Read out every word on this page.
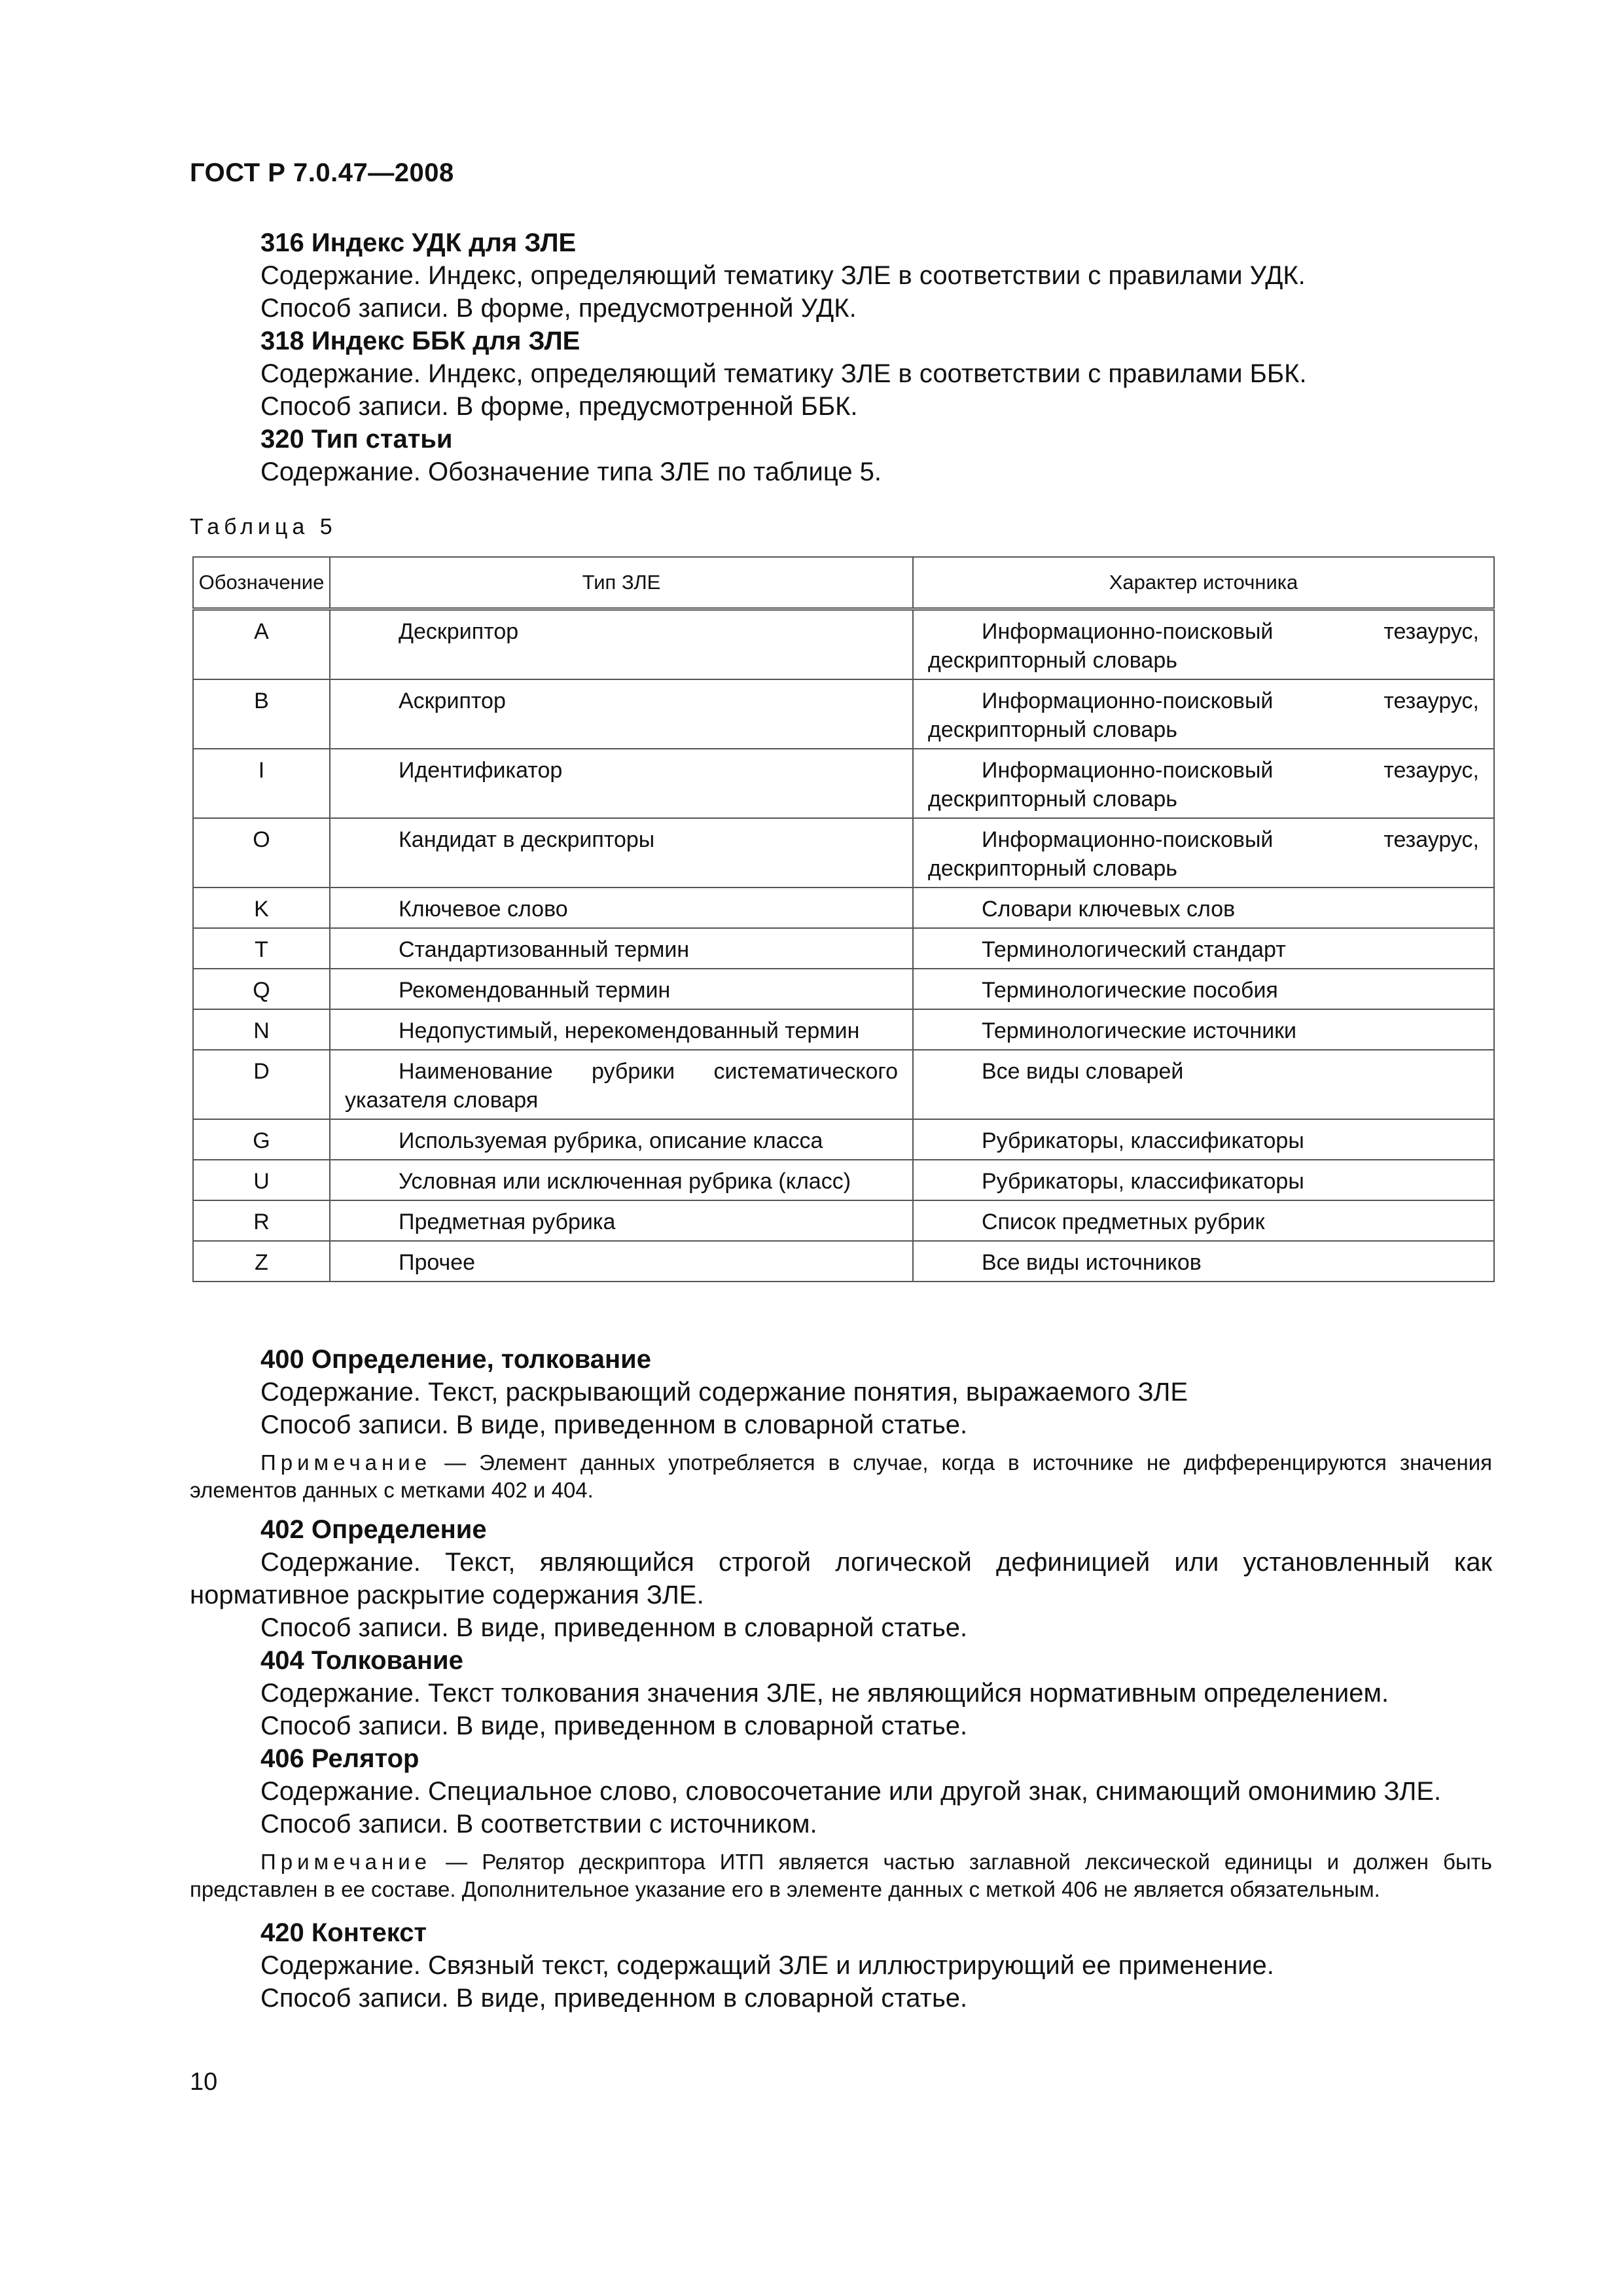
ГОСТ Р 7.0.47—2008
316 Индекс УДК для ЗЛЕ
Содержание. Индекс, определяющий тематику ЗЛЕ в соответствии с правилами УДК.
Способ записи. В форме, предусмотренной УДК.
318 Индекс ББК для ЗЛЕ
Содержание. Индекс, определяющий тематику ЗЛЕ в соответствии с правилами ББК.
Способ записи. В форме, предусмотренной ББК.
320 Тип статьи
Содержание. Обозначение типа ЗЛЕ по таблице 5.
Таблица 5
Обозначение	Тип ЗЛЕ	Характер источника
A	Дескриптор	Информационно-поисковый тезаурус, дескрипторный словарь
B	Аскриптор	Информационно-поисковый тезаурус, дескрипторный словарь
I	Идентификатор	Информационно-поисковый тезаурус, дескрипторный словарь
O	Кандидат в дескрипторы	Информационно-поисковый тезаурус, дескрипторный словарь
K	Ключевое слово	Словари ключевых слов
T	Стандартизованный термин	Терминологический стандарт
Q	Рекомендованный термин	Терминологические пособия
N	Недопустимый, нерекомендованный термин	Терминологические источники
D	Наименование рубрики систематического указателя словаря	Все виды словарей
G	Используемая рубрика, описание класса	Рубрикаторы, классификаторы
U	Условная или исключенная рубрика (класс)	Рубрикаторы, классификаторы
R	Предметная рубрика	Список предметных рубрик
Z	Прочее	Все виды источников
400 Определение, толкование
Содержание. Текст, раскрывающий содержание понятия, выражаемого ЗЛЕ
Способ записи. В виде, приведенном в словарной статье.
Примечание — Элемент данных употребляется в случае, когда в источнике не дифференцируются значения элементов данных с метками 402 и 404.
402 Определение
Содержание. Текст, являющийся строгой логической дефиницией или установленный как нормативное раскрытие содержания ЗЛЕ.
Способ записи. В виде, приведенном в словарной статье.
404 Толкование
Содержание. Текст толкования значения ЗЛЕ, не являющийся нормативным определением.
Способ записи. В виде, приведенном в словарной статье.
406 Релятор
Содержание. Специальное слово, словосочетание или другой знак, снимающий омонимию ЗЛЕ.
Способ записи. В соответствии с источником.
Примечание — Релятор дескриптора ИТП является частью заглавной лексической единицы и должен быть представлен в ее составе. Дополнительное указание его в элементе данных с меткой 406 не является обязательным.
420 Контекст
Содержание. Связный текст, содержащий ЗЛЕ и иллюстрирующий ее применение.
Способ записи. В виде, приведенном в словарной статье.
10
